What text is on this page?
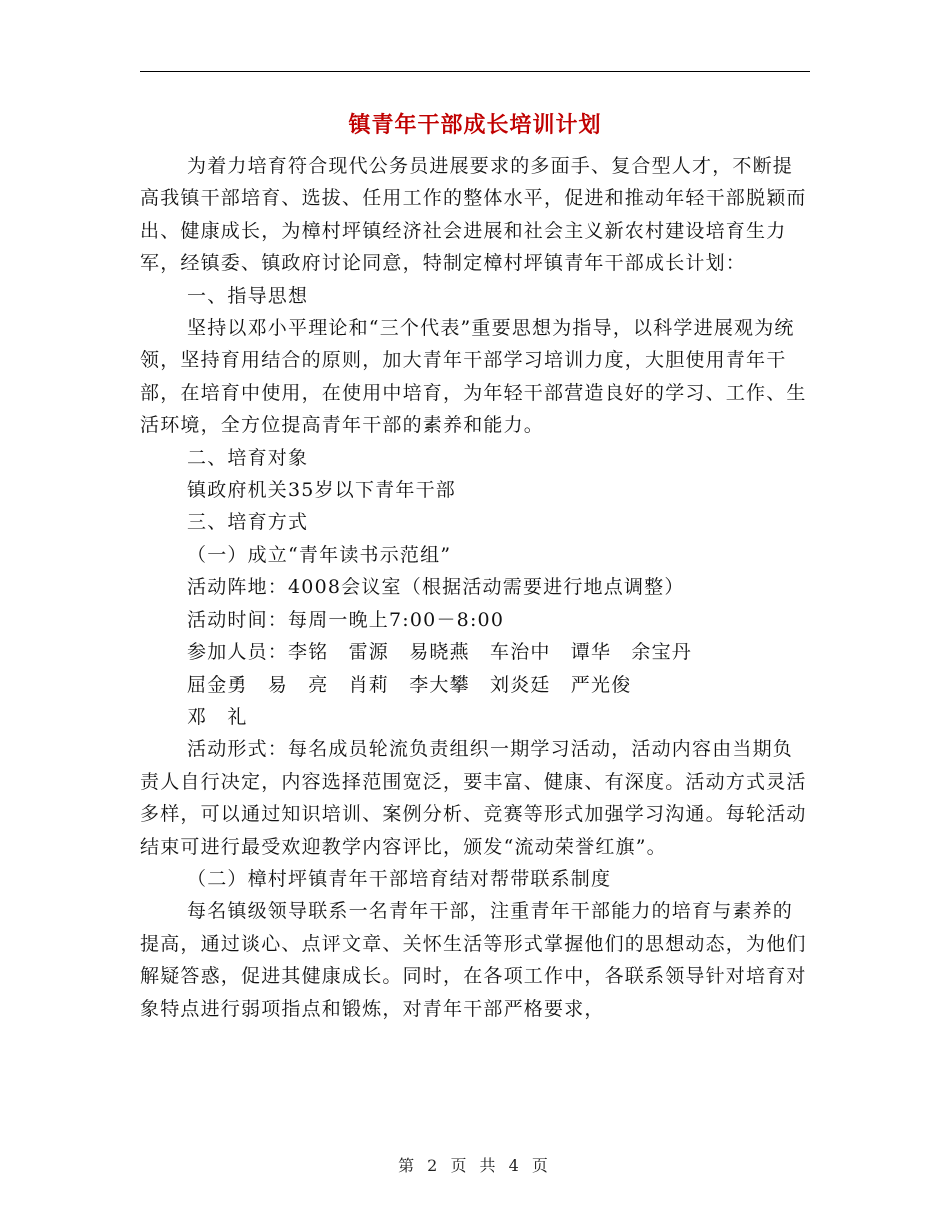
镇青年干部成长培训计划

为着力培育符合现代公务员进展要求的多面手、复合型人才，不断提高我镇干部培育、选拔、任用工作的整体水平，促进和推动年轻干部脱颖而出、健康成长，为樟村坪镇经济社会进展和社会主义新农村建设培育生力军，经镇委、镇政府讨论同意，特制定樟村坪镇青年干部成长计划：

一、指导思想

坚持以邓小平理论和“三个代表”重要思想为指导，以科学进展观为统领，坚持育用结合的原则，加大青年干部学习培训力度，大胆使用青年干部，在培育中使用，在使用中培育，为年轻干部营造良好的学习、工作、生活环境，全方位提高青年干部的素养和能力。

二、培育对象

镇政府机关35岁以下青年干部

三、培育方式

（一）成立“青年读书示范组”

活动阵地：4008会议室（根据活动需要进行地点调整）

活动时间：每周一晚上7:00－8:00

参加人员：李铭　雷源　易晓燕　车治中　谭华　余宝丹

屈金勇　易　亮　肖莉　李大攀　刘炎廷　严光俊

邓　礼

活动形式：每名成员轮流负责组织一期学习活动，活动内容由当期负责人自行决定，内容选择范围宽泛，要丰富、健康、有深度。活动方式灵活多样，可以通过知识培训、案例分析、竞赛等形式加强学习沟通。每轮活动结束可进行最受欢迎教学内容评比，颁发“流动荣誉红旗”。

（二）樟村坪镇青年干部培育结对帮带联系制度

每名镇级领导联系一名青年干部，注重青年干部能力的培育与素养的提高，通过谈心、点评文章、关怀生活等形式掌握他们的思想动态，为他们解疑答惑，促进其健康成长。同时，在各项工作中，各联系领导针对培育对象特点进行弱项指点和锻炼，对青年干部严格要求，

第 2 页 共 4 页
